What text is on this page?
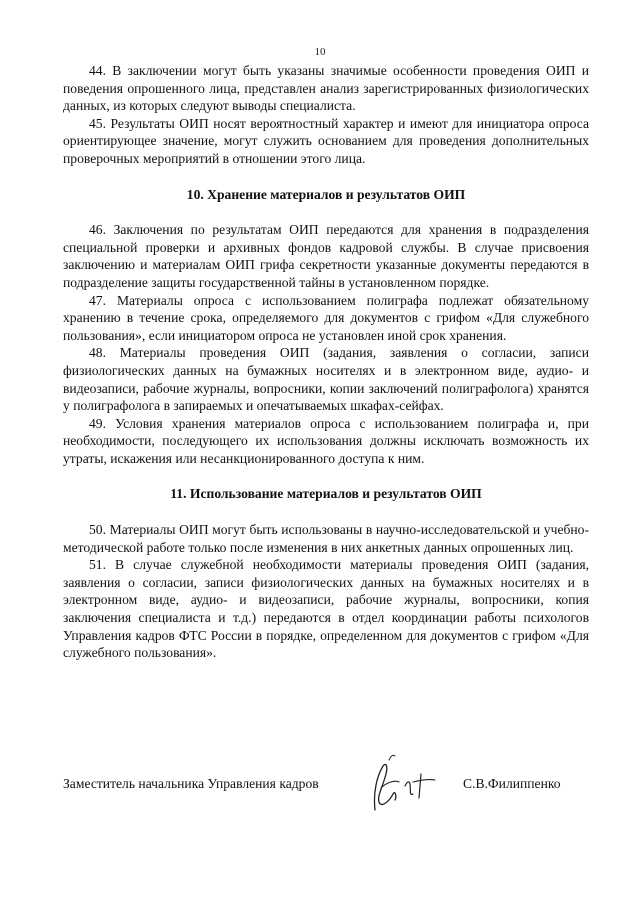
10

44. В заключении могут быть указаны значимые особенности проведения ОИП и поведения опрошенного лица, представлен анализ зарегистрированных физиологических данных, из которых следуют выводы специалиста.

45. Результаты ОИП носят вероятностный характер и имеют для инициатора опроса ориентирующее значение, могут служить основанием для проведения дополнительных проверочных мероприятий в отношении этого лица.

10. Хранение материалов и результатов ОИП

46. Заключения по результатам ОИП передаются для хранения в подразделения специальной проверки и архивных фондов кадровой службы. В случае присвоения заключению и материалам ОИП грифа секретности указанные документы передаются в подразделение защиты государственной тайны в установленном порядке.

47. Материалы опроса с использованием полиграфа подлежат обязательному хранению в течение срока, определяемого для документов с грифом «Для служебного пользования», если инициатором опроса не установлен иной срок хранения.

48. Материалы проведения ОИП (задания, заявления о согласии, записи физиологических данных на бумажных носителях и в электронном виде, аудио- и видеозаписи, рабочие журналы, вопросники, копии заключений полиграфолога) хранятся у полиграфолога в запираемых и опечатываемых шкафах-сейфах.

49. Условия хранения материалов опроса с использованием полиграфа и, при необходимости, последующего их использования должны исключать возможность их утраты, искажения или несанкционированного доступа к ним.

11. Использование материалов и результатов ОИП

50. Материалы ОИП могут быть использованы в научно-исследовательской и учебно-методической работе только после изменения в них анкетных данных опрошенных лиц.

51. В случае служебной необходимости материалы проведения ОИП (задания, заявления о согласии, записи физиологических данных на бумажных носителях и в электронном виде, аудио- и видеозаписи, рабочие журналы, вопросники, копия заключения специалиста и т.д.) передаются в отдел координации работы психологов Управления кадров ФТС России в порядке, определенном для документов с грифом «Для служебного пользования».

Заместитель начальника Управления кадров	С.В.Филиппенко
